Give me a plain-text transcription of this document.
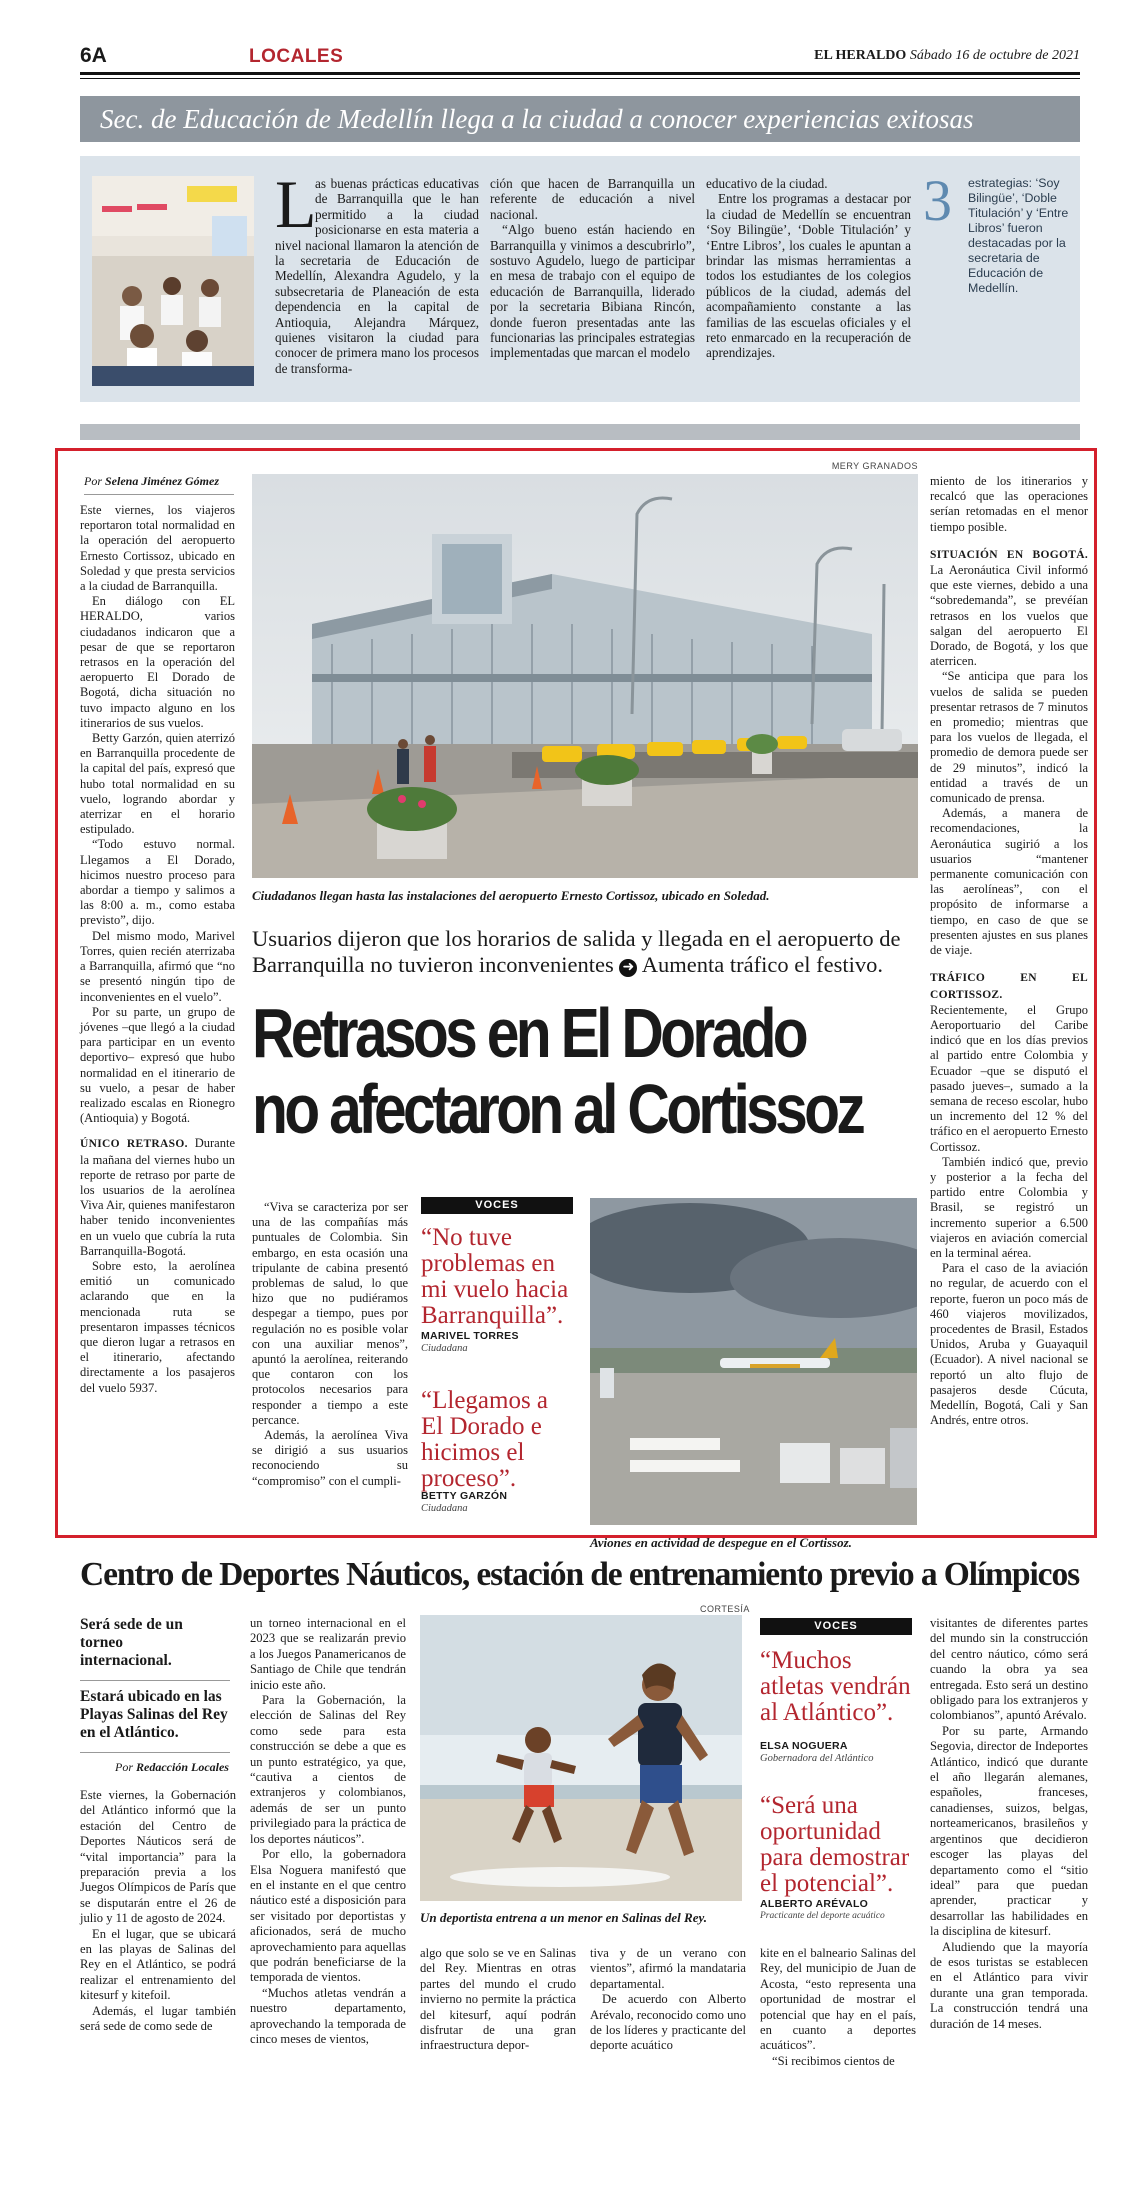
6A	LOCALES	EL HERALDO Sábado 16 de octubre de 2021
Sec. de Educación de Medellín llega a la ciudad a conocer experiencias exitosas
L
as buenas prácticas educativas de Barranquilla que le han permitido a la ciudad posicionarse en esta materia a nivel nacional llamaron la atención de la secretaria de Educación de Medellín, Alexandra Agudelo, y la subsecretaria de Planeación de esta dependencia en la capital de Antioquia, Alejandra Márquez, quienes visitaron la ciudad para conocer de primera mano los procesos de transforma-

ción que hacen de Barranquilla un referente de educación a nivel nacional.

“Algo bueno están haciendo en Barranquilla y vinimos a descubrirlo”, sostuvo Agudelo, luego de participar en mesa de trabajo con el equipo de educación de Barranquilla, liderado por la secretaria Bibiana Rincón, donde fueron presentadas ante las funcionarias las principales estrategias implementadas que marcan el modelo

educativo de la ciudad.

Entre los programas a destacar por la ciudad de Medellín se encuentran ‘Soy Bilingüe’, ‘Doble Titulación’ y ‘Entre Libros’, los cuales le apuntan a brindar las mismas herramientas a todos los estudiantes de los colegios públicos de la ciudad, además del acompañamiento constante a las familias de las escuelas oficiales y el reto enmarcado en la recuperación de aprendizajes.

3 estrategias: ‘Soy Bilingüe’, ‘Doble Titulación’ y ‘Entre Libros’ fueron destacadas por la secretaria de Educación de Medellín.
Por Selena Jiménez Gómez

Este viernes, los viajeros reportaron total normalidad en la operación del aeropuerto Ernesto Cortissoz, ubicado en Soledad y que presta servicios a la ciudad de Barranquilla.

En diálogo con EL HERALDO, varios ciudadanos indicaron que a pesar de que se reportaron retrasos en la operación del aeropuerto El Dorado de Bogotá, dicha situación no tuvo impacto alguno en los itinerarios de sus vuelos.

Betty Garzón, quien aterrizó en Barranquilla procedente de la capital del país, expresó que hubo total normalidad en su vuelo, logrando abordar y aterrizar en el horario estipulado.

“Todo estuvo normal. Llegamos a El Dorado, hicimos nuestro proceso para abordar a tiempo y salimos a las 8:00 a. m., como estaba previsto”, dijo.

Del mismo modo, Marivel Torres, quien recién aterrizaba a Barranquilla, afirmó que “no se presentó ningún tipo de inconvenientes en el vuelo”.

Por su parte, un grupo de jóvenes –que llegó a la ciudad para participar en un evento deportivo– expresó que hubo normalidad en el itinerario de su vuelo, a pesar de haber realizado escalas en Rionegro (Antioquia) y Bogotá.

ÚNICO RETRASO. Durante la mañana del viernes hubo un reporte de retraso por parte de los usuarios de la aerolínea Viva Air, quienes manifestaron haber tenido inconvenientes en un vuelo que cubría la ruta Barranquilla-Bogotá.

Sobre esto, la aerolínea emitió un comunicado aclarando que en la mencionada ruta se presentaron impasses técnicos que dieron lugar a retrasos en el itinerario, afectando directamente a los pasajeros del vuelo 5937.

MERY GRANADOS
Ciudadanos llegan hasta las instalaciones del aeropuerto Ernesto Cortissoz, ubicado en Soledad.
Usuarios dijeron que los horarios de salida y llegada en el aeropuerto de
Barranquilla no tuvieron inconvenientes ➜ Aumenta tráfico el festivo.
Retrasos en El Dorado
no afectaron al Cortissoz

“Viva se caracteriza por ser una de las compañías más puntuales de Colombia. Sin embargo, en esta ocasión una tripulante de cabina presentó problemas de salud, lo que hizo que no pudiéramos despegar a tiempo, pues por regulación no es posible volar con una auxiliar menos”, apuntó la aerolínea, reiterando que contaron con los protocolos necesarios para responder a tiempo a este percance.

Además, la aerolínea Viva se dirigió a sus usuarios reconociendo su “compromiso” con el cumpli-

VOCES
“No tuve problemas en mi vuelo hacia Barranquilla”.
MARIVEL TORRES
Ciudadana
“Llegamos a El Dorado e hicimos el proceso”.
BETTY GARZÓN
Ciudadana
Aviones en actividad de despegue en el Cortissoz.

miento de los itinerarios y recalcó que las operaciones serían retomadas en el menor tiempo posible.

SITUACIÓN EN BOGOTÁ. La Aeronáutica Civil informó que este viernes, debido a una “sobredemanda”, se prevéían retrasos en los vuelos que salgan del aeropuerto El Dorado, de Bogotá, y los que aterricen.

“Se anticipa que para los vuelos de salida se pueden presentar retrasos de 7 minutos en promedio; mientras que para los vuelos de llegada, el promedio de demora puede ser de 29 minutos”, indicó la entidad a través de un comunicado de prensa.

Además, a manera de recomendaciones, la Aeronáutica sugirió a los usuarios “mantener permanente comunicación con las aerolíneas”, con el propósito de informarse a tiempo, en caso de que se presenten ajustes en sus planes de viaje.

TRÁFICO EN EL CORTISSOZ.

Recientemente, el Grupo Aeroportuario del Caribe indicó que en los días previos al partido entre Colombia y Ecuador –que se disputó el pasado jueves–, sumado a la semana de receso escolar, hubo un incremento del 12 % del tráfico en el aeropuerto Ernesto Cortissoz.

También indicó que, previo y posterior a la fecha del partido entre Colombia y Brasil, se registró un incremento superior a 6.500 viajeros en aviación comercial en la terminal aérea.

Para el caso de la aviación no regular, de acuerdo con el reporte, fueron un poco más de 460 viajeros movilizados, procedentes de Brasil, Estados Unidos, Aruba y Guayaquil (Ecuador). A nivel nacional se reportó un alto flujo de pasajeros desde Cúcuta, Medellín, Bogotá, Cali y San Andrés, entre otros.

Centro de Deportes Náuticos, estación de entrenamiento previo a Olímpicos
Será sede de un torneo internacional.
Estará ubicado en las Playas Salinas del Rey en el Atlántico.
Por Redacción Locales

Este viernes, la Gobernación del Atlántico informó que la estación del Centro de Deportes Náuticos será de “vital importancia” para la preparación previa a los Juegos Olímpicos de París que se disputarán entre el 26 de julio y 11 de agosto de 2024.

En el lugar, que se ubicará en las playas de Salinas del Rey en el Atlántico, se podrá realizar el entrenamiento del kitesurf y kitefoil.

Además, el lugar también será sede de como sede de

un torneo internacional en el 2023 que se realizarán previo a los Juegos Panamericanos de Santiago de Chile que tendrán inicio este año.

Para la Gobernación, la elección de Salinas del Rey como sede para esta construcción se debe a que es un punto estratégico, ya que, “cautiva a cientos de extranjeros y colombianos, además de ser un punto privilegiado para la práctica de los deportes náuticos”.

Por ello, la gobernadora Elsa Noguera manifestó que en el instante en el que centro náutico esté a disposición para ser visitado por deportistas y aficionados, será de mucho aprovechamiento para aquellas que podrán beneficiarse de la temporada de vientos.

“Muchos atletas vendrán a nuestro departamento, aprovechando la temporada de cinco meses de vientos,

CORTESÍA
Un deportista entrena a un menor en Salinas del Rey.

algo que solo se ve en Salinas del Rey. Mientras en otras partes del mundo el crudo invierno no permite la práctica del kitesurf, aquí podrán disfrutar de una gran infraestructura depor-

tiva y de un verano con vientos”, afirmó la mandataria departamental.

De acuerdo con Alberto Arévalo, reconocido como uno de los líderes y practicante del deporte acuático

kite en el balneario Salinas del Rey, del municipio de Juan de Acosta, “esto representa una oportunidad de mostrar el potencial que hay en el país, en cuanto a deportes acuáticos”.

“Si recibimos cientos de

VOCES
“Muchos atletas vendrán al Atlántico”.
ELSA NOGUERA
Gobernadora del Atlántico
“Será una oportunidad para demostrar el potencial”.
ALBERTO ARÉVALO
Practicante del deporte acuático

visitantes de diferentes partes del mundo sin la construcción del centro náutico, cómo será cuando la obra ya sea entregada. Esto será un destino obligado para los extranjeros y colombianos”, apuntó Arévalo.

Por su parte, Armando Segovia, director de Indeportes Atlántico, indicó que durante el año llegarán alemanes, españoles, franceses, canadienses, suizos, belgas, norteamericanos, brasileños y argentinos que decidieron escoger las playas del departamento como el “sitio ideal” para que puedan aprender, practicar y desarrollar las habilidades en la disciplina de kitesurf.

Aludiendo que la mayoría de esos turistas se establecen en el Atlántico para vivir durante una gran temporada. La construcción tendrá una duración de 14 meses.
